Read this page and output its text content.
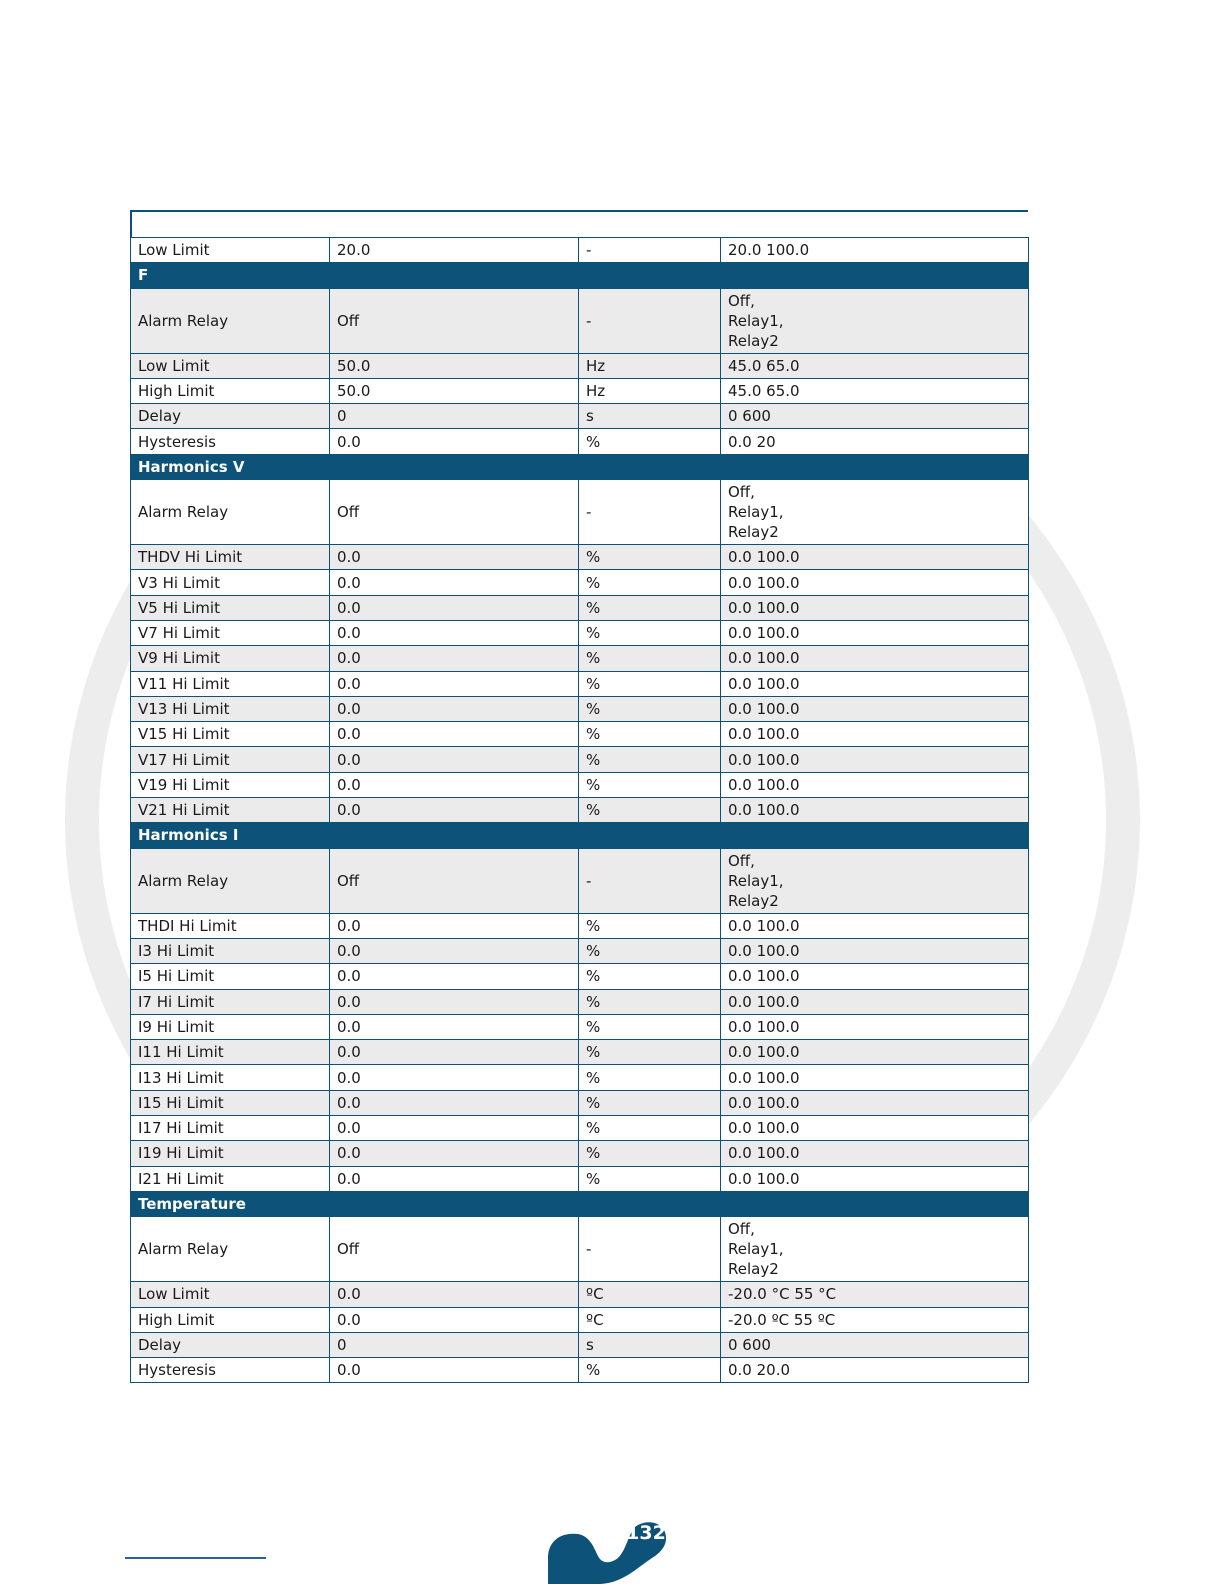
Low Limit	20.0	-	20.0 100.0
F			
Alarm Relay	Off	-	Off,
Relay1,
Relay2
Low Limit	50.0	Hz	45.0 65.0
High Limit	50.0	Hz	45.0 65.0
Delay	0	s	0 600
Hysteresis	0.0	%	0.0 20
Harmonics V			
Alarm Relay	Off	-	Off,
Relay1,
Relay2
THDV Hi Limit	0.0	%	0.0 100.0
V3 Hi Limit	0.0	%	0.0 100.0
V5 Hi Limit	0.0	%	0.0 100.0
V7 Hi Limit	0.0	%	0.0 100.0
V9 Hi Limit	0.0	%	0.0 100.0
V11 Hi Limit	0.0	%	0.0 100.0
V13 Hi Limit	0.0	%	0.0 100.0
V15 Hi Limit	0.0	%	0.0 100.0
V17 Hi Limit	0.0	%	0.0 100.0
V19 Hi Limit	0.0	%	0.0 100.0
V21 Hi Limit	0.0	%	0.0 100.0
Harmonics I			
Alarm Relay	Off	-	Off,
Relay1,
Relay2
THDI Hi Limit	0.0	%	0.0 100.0
I3 Hi Limit	0.0	%	0.0 100.0
I5 Hi Limit	0.0	%	0.0 100.0
I7 Hi Limit	0.0	%	0.0 100.0
I9 Hi Limit	0.0	%	0.0 100.0
I11 Hi Limit	0.0	%	0.0 100.0
I13 Hi Limit	0.0	%	0.0 100.0
I15 Hi Limit	0.0	%	0.0 100.0
I17 Hi Limit	0.0	%	0.0 100.0
I19 Hi Limit	0.0	%	0.0 100.0
I21 Hi Limit	0.0	%	0.0 100.0
Temperature			
Alarm Relay	Off	-	Off,
Relay1,
Relay2
Low Limit	0.0	ºC	-20.0 °C 55 °C
High Limit	0.0	ºC	-20.0 ºC 55 ºC
Delay	0	s	0 600
Hysteresis	0.0	%	0.0 20.0
132
